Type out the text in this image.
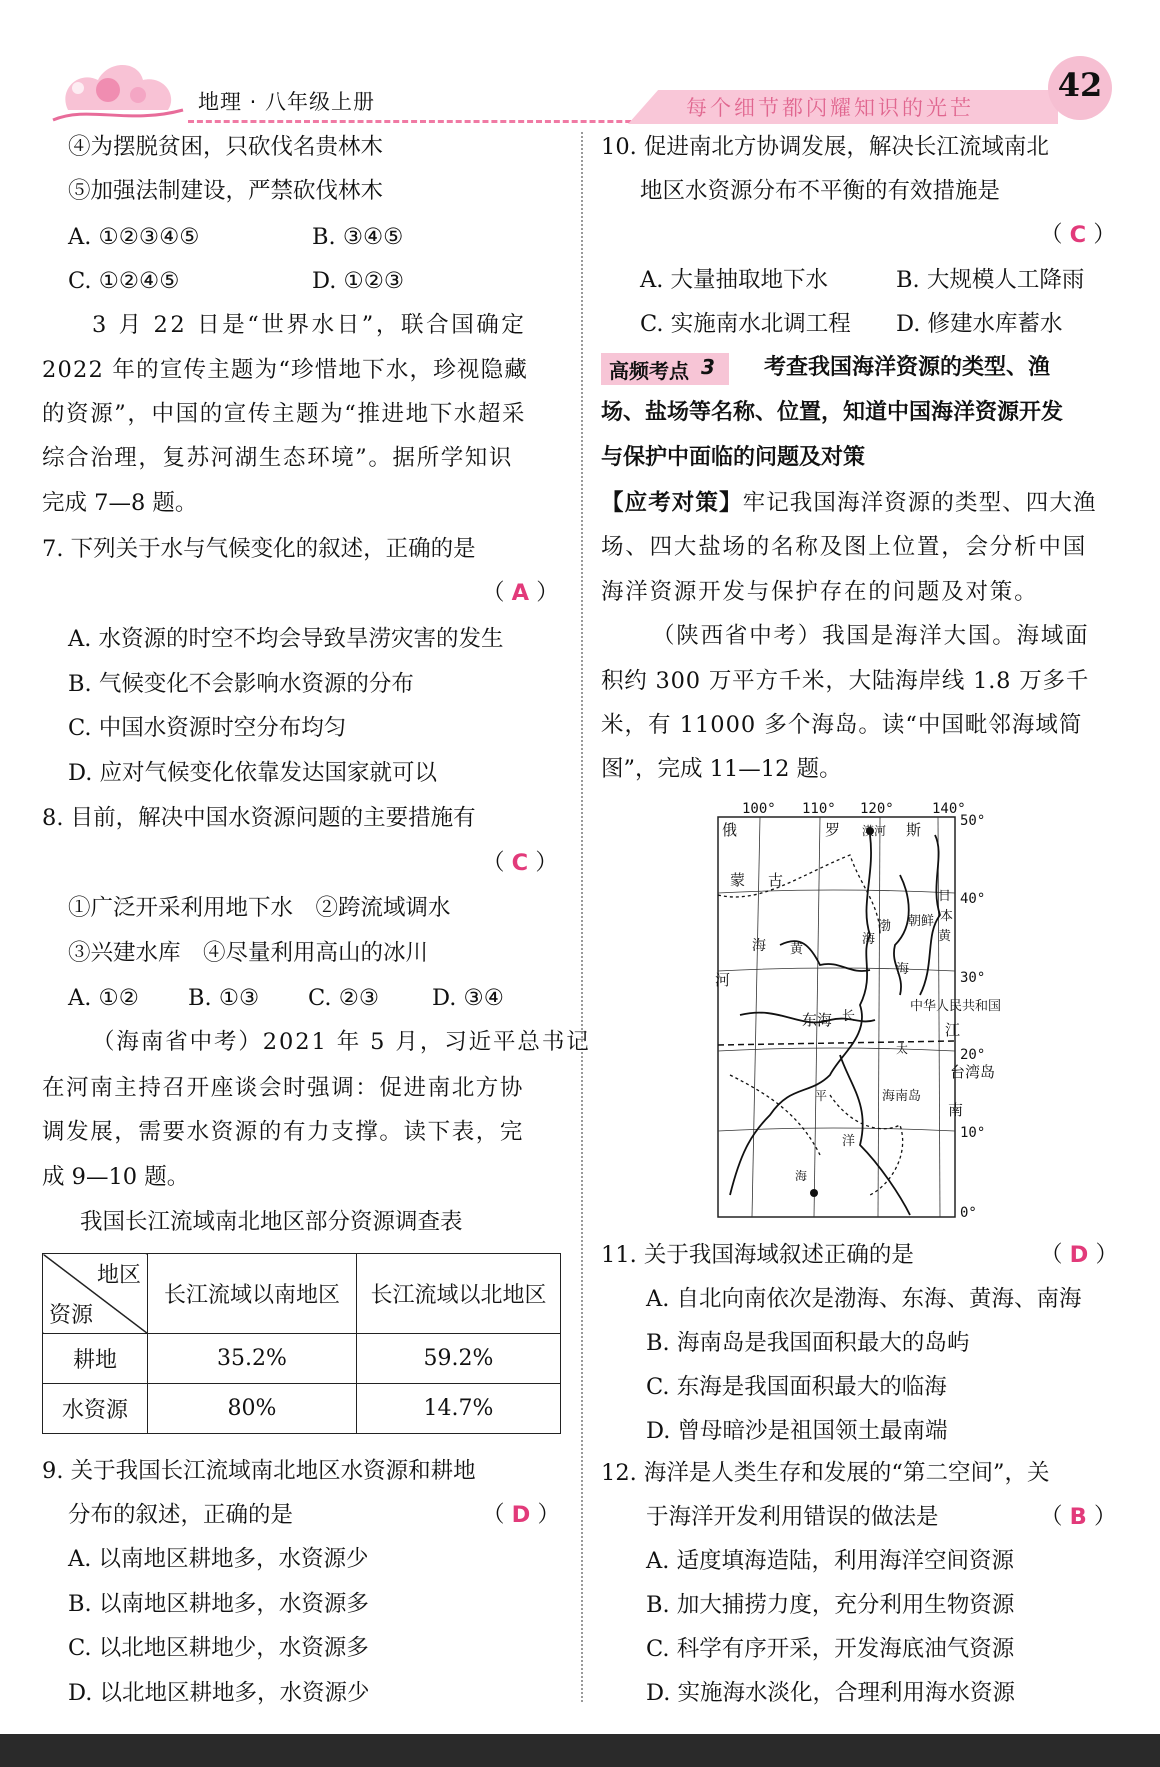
地理 · 八年级上册	每个细节都闪耀知识的光芒
42
④为摆脱贫困，只砍伐名贵林木
⑤加强法制建设，严禁砍伐林木
A. ①②③④⑤	B. ③④⑤
C. ①②④⑤	D. ①②③
3 月 22 日是“世界水日”，联合国确定
2022 年的宣传主题为“珍惜地下水，珍视隐藏
的资源”，中国的宣传主题为“推进地下水超采
综合治理，复苏河湖生态环境”。据所学知识
完成 7—8 题。
7. 下列关于水与气候变化的叙述，正确的是
（ A ）
A. 水资源的时空不均会导致旱涝灾害的发生
B. 气候变化不会影响水资源的分布
C. 中国水资源时空分布均匀
D. 应对气候变化依靠发达国家就可以
8. 目前，解决中国水资源问题的主要措施有
（ C ）
①广泛开采利用地下水　②跨流域调水
③兴建水库　④尽量利用高山的冰川
A. ①② B. ①③ C. ②③ D. ③④
（海南省中考）2021 年 5 月，习近平总书记
在河南主持召开座谈会时强调：促进南北方协
调发展，需要水资源的有力支撑。读下表，完
成 9—10 题。
我国长江流域南北地区部分资源调查表
地区
资源	长江流域以南地区	长江流域以北地区
耕地	35.2%	59.2%
水资源	80%	14.7%
9. 关于我国长江流域南北地区水资源和耕地
分布的叙述，正确的是	（ D ）
A. 以南地区耕地多，水资源少
B. 以南地区耕地多，水资源多
C. 以北地区耕地少，水资源多
D. 以北地区耕地多，水资源少
10. 促进南北方协调发展，解决长江流域南北
地区水资源分布不平衡的有效措施是
（ C ）
A. 大量抽取地下水	B. 大规模人工降雨
C. 实施南水北调工程 D. 修建水库蓄水
高频考点 3 考查我国海洋资源的类型、渔
场、盐场等名称、位置，知道中国海洋资源开发
与保护中面临的问题及对策
【应考对策】牢记我国海洋资源的类型、四大渔
场、四大盐场的名称及图上位置，会分析中国
海洋资源开发与保护存在的问题及对策。
（陕西省中考）我国是海洋大国。海域面
积约 300 万平方千米，大陆海岸线 1.8 万多千
米，有 11000 多个海岛。读“中国毗邻海域简
图”，完成 11—12 题。
100° 110° 120°	140°
50°
40°
30°
20°
10°
0°
俄	罗 漠河 斯
蒙 古
日
朝鲜 本
渤
海	黄
海
海 黄
河
中华人民共和国
东海 长
江
太
台湾岛
平	海南岛
南
洋
海
11. 关于我国海域叙述正确的是	（ D ）
A. 自北向南依次是渤海、东海、黄海、南海
B. 海南岛是我国面积最大的岛屿
C. 东海是我国面积最大的临海
D. 曾母暗沙是祖国领土最南端
12. 海洋是人类生存和发展的“第二空间”，关
于海洋开发利用错误的做法是	（ B ）
A. 适度填海造陆，利用海洋空间资源
B. 加大捕捞力度，充分利用生物资源
C. 科学有序开采，开发海底油气资源
D. 实施海水淡化，合理利用海水资源
